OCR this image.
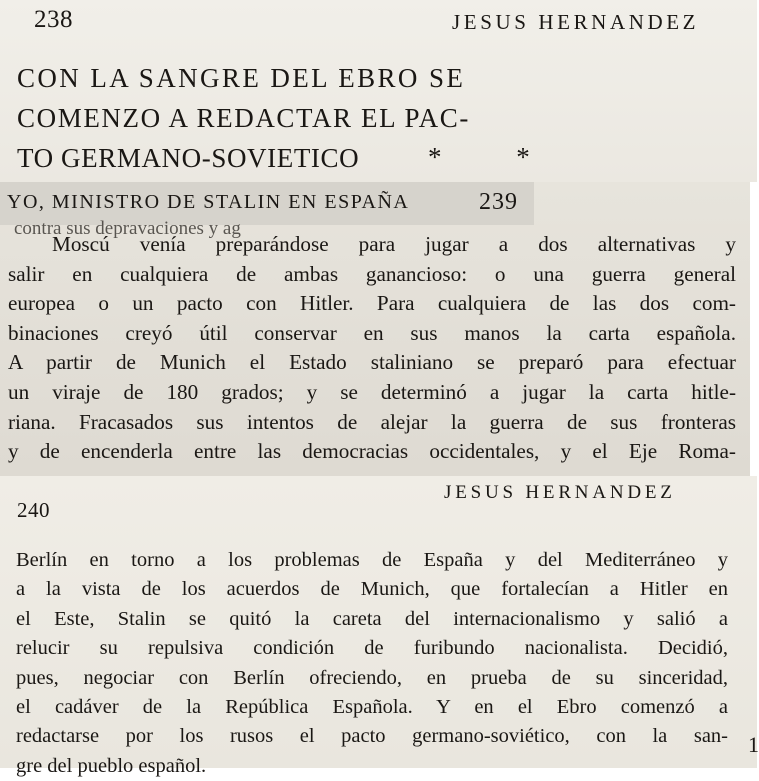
238	JESUS HERNANDEZ
CON LA SANGRE DEL EBRO SE
COMENZO A REDACTAR EL PAC-
TO GERMANO-SOVIETICO	* *
YO, MINISTRO DE STALIN EN ESPAÑA	239
contra sus depravaciones y ag
Moscú venía preparándose para jugar a dos alternativas y
salir en cualquiera de ambas ganancioso: o una guerra general
europea o un pacto con Hitler. Para cualquiera de las dos com-
binaciones creyó útil conservar en sus manos la carta española.
A partir de Munich el Estado staliniano se preparó para efectuar
un viraje de 180 grados; y se determinó a jugar la carta hitle-
riana. Fracasados sus intentos de alejar la guerra de sus fronteras
y de encenderla entre las democracias occidentales, y el Eje Roma-
JESUS HERNANDEZ
240
Berlín en torno a los problemas de España y del Mediterráneo y
a la vista de los acuerdos de Munich, que fortalecían a Hitler en
el Este, Stalin se quitó la careta del internacionalismo y salió a
relucir su repulsiva condición de furibundo nacionalista. Decidió,
pues, negociar con Berlín ofreciendo, en prueba de su sinceridad,
el cadáver de la República Española. Y en el Ebro comenzó a
redactarse por los rusos el pacto germano-soviético, con la san-
gre del pueblo español.
1
